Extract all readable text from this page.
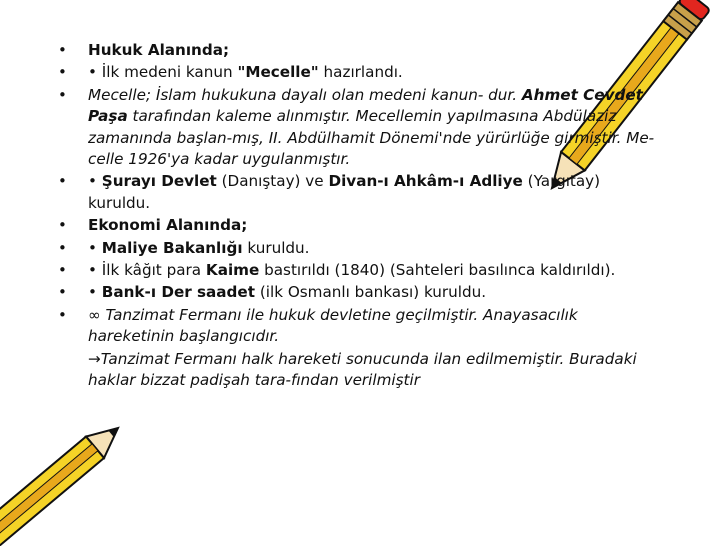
•	Hukuk Alanında;
•	• İlk medeni kanun "Mecelle" hazırlandı.
•	Mecelle; İslam hukukuna dayalı olan medeni kanun- dur. Ahmet Cevdet Paşa tarafından kaleme alınmıştır. Mecellemin yapılmasına Abdülaziz zamanında başlan-mış, II. Abdülhamit Dönemi'nde yürürlüğe girmiştir. Me-celle 1926'ya kadar uygulanmıştır.
•	• Şurayı Devlet (Danıştay) ve Divan-ı Ahkâm-ı Adliye (Yargıtay) kuruldu.
•	Ekonomi Alanında;
•	• Maliye Bakanlığı kuruldu.
•	• İlk kâğıt para Kaime bastırıldı (1840) (Sahteleri basılınca kaldırıldı).
•	• Bank-ı Der saadet (ilk Osmanlı bankası) kuruldu.
•	∞ Tanzimat Fermanı ile hukuk devletine geçilmiştir. Anayasacılık hareketinin başlangıcıdır.
→Tanzimat Fermanı halk hareketi sonucunda ilan edilmemiştir. Buradaki haklar bizzat padişah tara-fından verilmiştir
